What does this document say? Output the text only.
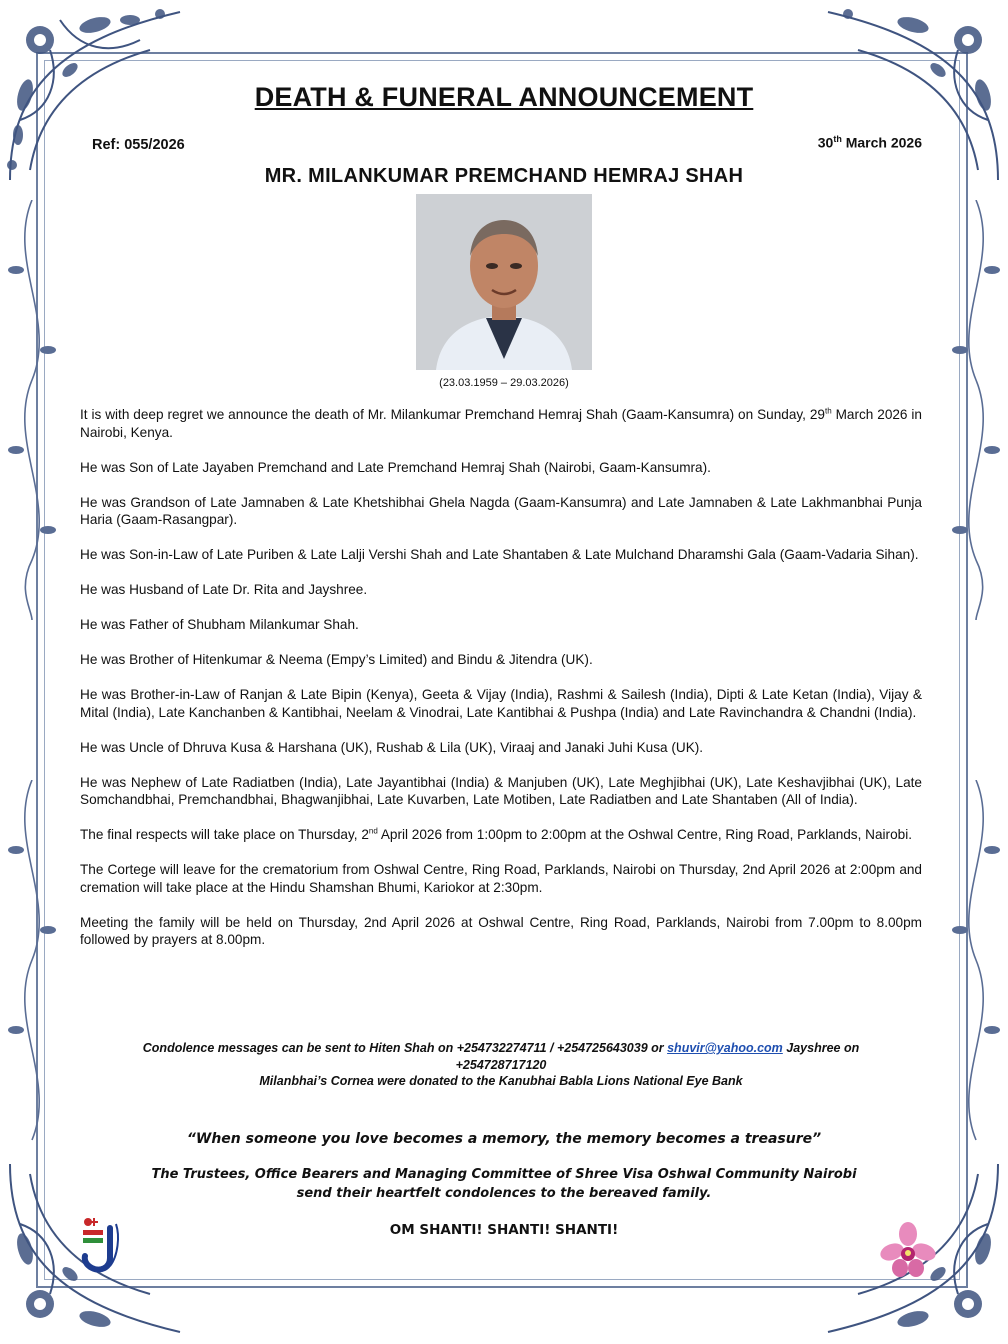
DEATH & FUNERAL ANNOUNCEMENT
Ref: 055/2026	30th March 2026
MR. MILANKUMAR PREMCHAND HEMRAJ SHAH
(23.03.1959 – 29.03.2026)

It is with deep regret we announce the death of Mr. Milankumar Premchand Hemraj Shah (Gaam-Kansumra) on Sunday, 29th March 2026 in Nairobi, Kenya.

He was Son of Late Jayaben Premchand and Late Premchand Hemraj Shah (Nairobi, Gaam-Kansumra).

He was Grandson of Late Jamnaben & Late Khetshibhai Ghela Nagda (Gaam-Kansumra) and Late Jamnaben & Late Lakhmanbhai Punja Haria (Gaam-Rasangpar).

He was Son-in-Law of Late Puriben & Late Lalji Vershi Shah and Late Shantaben & Late Mulchand Dharamshi Gala (Gaam-Vadaria Sihan).

He was Husband of Late Dr. Rita and Jayshree.

He was Father of Shubham Milankumar Shah.

He was Brother of Hitenkumar & Neema (Empy’s Limited) and Bindu & Jitendra (UK).

He was Brother-in-Law of Ranjan & Late Bipin (Kenya), Geeta & Vijay (India), Rashmi & Sailesh (India), Dipti & Late Ketan (India), Vijay & Mital (India), Late Kanchanben & Kantibhai, Neelam & Vinodrai, Late Kantibhai & Pushpa (India) and Late Ravinchandra & Chandni (India).

He was Uncle of Dhruva Kusa & Harshana (UK), Rushab & Lila (UK), Viraaj and Janaki Juhi Kusa (UK).

He was Nephew of Late Radiatben (India), Late Jayantibhai (India) & Manjuben (UK), Late Meghjibhai (UK), Late Keshavjibhai (UK), Late Somchandbhai, Premchandbhai, Bhagwanjibhai, Late Kuvarben, Late Motiben, Late Radiatben and Late Shantaben (All of India).

The final respects will take place on Thursday, 2nd April 2026 from 1:00pm to 2:00pm at the Oshwal Centre, Ring Road, Parklands, Nairobi.

The Cortege will leave for the crematorium from Oshwal Centre, Ring Road, Parklands, Nairobi on Thursday, 2nd April 2026 at 2:00pm and cremation will take place at the Hindu Shamshan Bhumi, Kariokor at 2:30pm.

Meeting the family will be held on Thursday, 2nd April 2026 at Oshwal Centre, Ring Road, Parklands, Nairobi from 7.00pm to 8.00pm followed by prayers at 8.00pm.

Condolence messages can be sent to Hiten Shah on +254732274711 / +254725643039 or shuvir@yahoo.com Jayshree on
+254728717120
Milanbhai’s Cornea were donated to the Kanubhai Babla Lions National Eye Bank
“When someone you love becomes a memory, the memory becomes a treasure”
The Trustees, Office Bearers and Managing Committee of Shree Visa Oshwal Community Nairobi
send their heartfelt condolences to the bereaved family.
OM SHANTI! SHANTI! SHANTI!
